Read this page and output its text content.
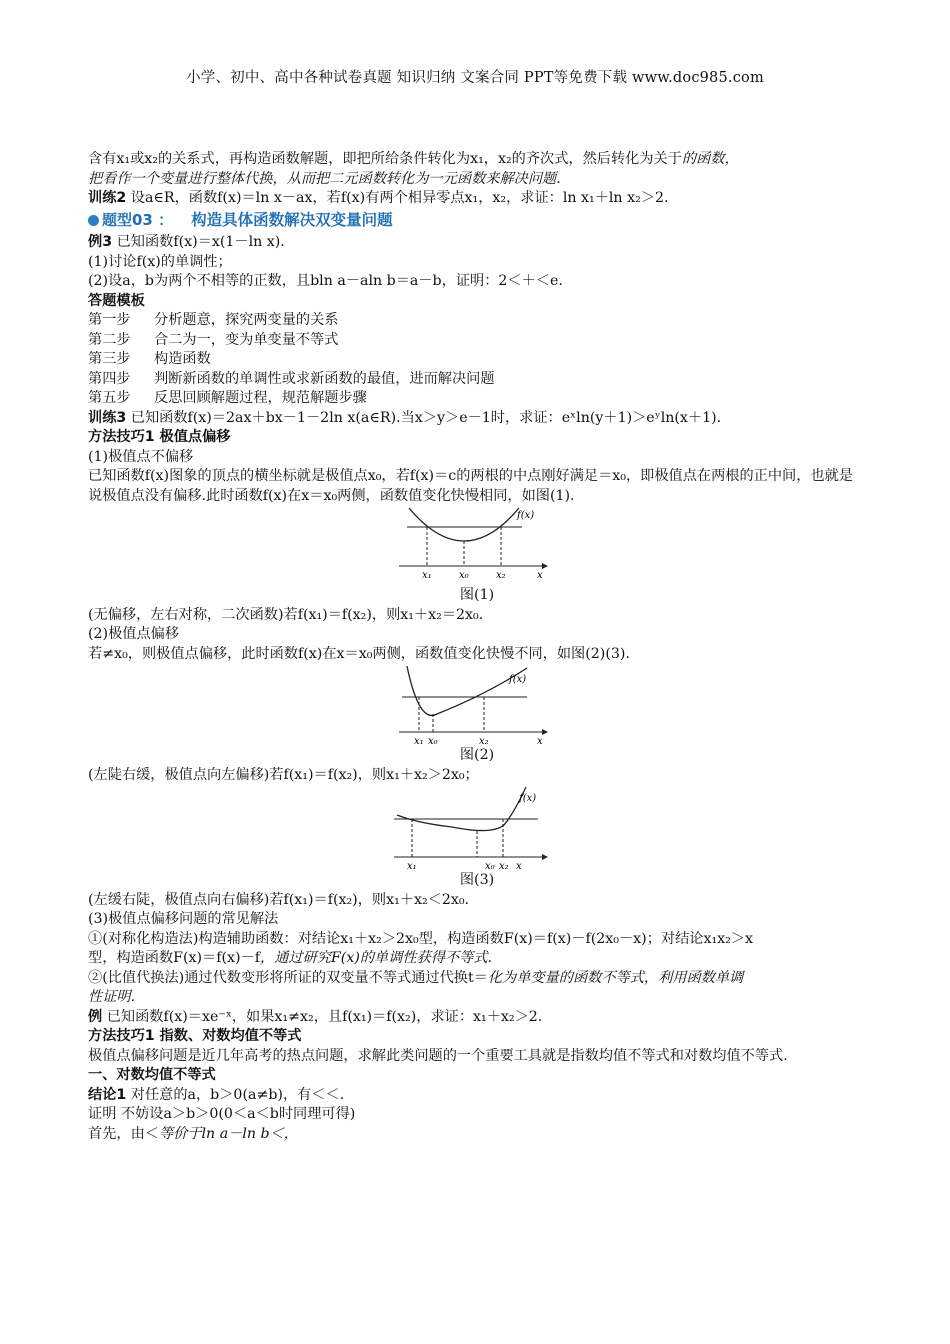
小学、初中、高中各种试卷真题 知识归纳 文案合同 PPT等免费下载 www.doc985.com

含有x₁或x₂的关系式，再构造函数解题，即把所给条件转化为x₁，x₂的齐次式，然后转化为关于的函数，

把看作一个变量进行整体代换，从而把二元函数转化为一元函数来解决问题.

训练2 设a∈R，函数f(x)＝ln x－ax，若f(x)有两个相异零点x₁，x₂，求证：ln x₁＋ln x₂＞2.

题型03 ： 构造具体函数解决双变量问题

例3 已知函数f(x)＝x(1－ln x).

(1)讨论f(x)的单调性；

(2)设a，b为两个不相等的正数，且bln a－aln b＝a－b，证明：2＜＋＜e.

答题模板

第一步	分析题意，探究两变量的关系
第二步	合二为一，变为单变量不等式
第三步	构造函数
第四步	判断新函数的单调性或求新函数的最值，进而解决问题
第五步	反思回顾解题过程，规范解题步骤

训练3 已知函数f(x)＝2ax＋bx－1－2ln x(a∈R).当x＞y＞e－1时，求证：eˣln(y＋1)＞eʸln(x＋1).

方法技巧1 极值点偏移

(1)极值点不偏移

已知函数f(x)图象的顶点的横坐标就是极值点x₀，若f(x)＝c的两根的中点刚好满足＝x₀，即极值点在两根的正中间，也就是说极值点没有偏移.此时函数f(x)在x＝x₀两侧，函数值变化快慢相同，如图(1).

f(x)
x₁	x₀	x₂	x

图(1)

(无偏移，左右对称，二次函数)若f(x₁)＝f(x₂)，则x₁＋x₂＝2x₀.

(2)极值点偏移

若≠x₀，则极值点偏移，此时函数f(x)在x＝x₀两侧，函数值变化快慢不同，如图(2)(3).

f(x)
x₁ x₀	x₂	x

图(2)

(左陡右缓，极值点向左偏移)若f(x₁)＝f(x₂)，则x₁＋x₂＞2x₀；

f(x)
x₁	x₀ x₂ x

图(3)

(左缓右陡，极值点向右偏移)若f(x₁)＝f(x₂)，则x₁＋x₂＜2x₀.

(3)极值点偏移问题的常见解法

①(对称化构造法)构造辅助函数：对结论x₁＋x₂＞2x₀型，构造函数F(x)＝f(x)－f(2x₀－x)；对结论x₁x₂＞x

型，构造函数F(x)＝f(x)－f，通过研究F(x)的单调性获得不等式.

②(比值代换法)通过代数变形将所证的双变量不等式通过代换t＝化为单变量的函数不等式，利用函数单调

性证明.

例 已知函数f(x)＝xe⁻ˣ，如果x₁≠x₂，且f(x₁)＝f(x₂)，求证：x₁＋x₂＞2.

方法技巧1 指数、对数均值不等式

极值点偏移问题是近几年高考的热点问题，求解此类问题的一个重要工具就是指数均值不等式和对数均值不等式.

一、对数均值不等式

结论1 对任意的a，b＞0(a≠b)，有＜＜.

证明 不妨设a＞b＞0(0＜a＜b时同理可得)

首先，由＜等价于ln a－ln b＜，
